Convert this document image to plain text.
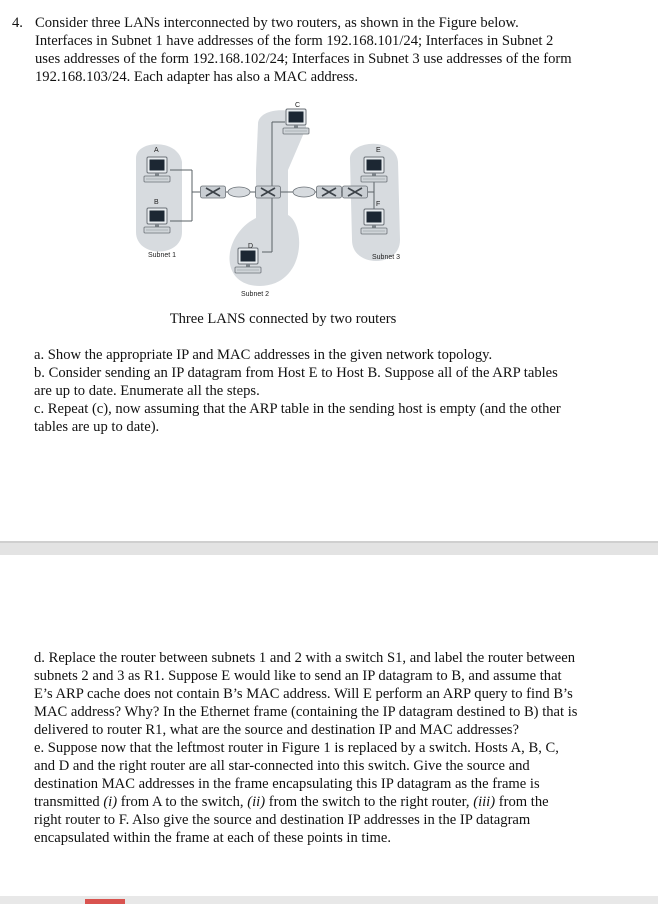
4. Consider three LANs interconnected by two routers, as shown in the Figure below. Interfaces in Subnet 1 have addresses of the form 192.168.101/24; Interfaces in Subnet 2 uses addresses of the form 192.168.102/24; Interfaces in Subnet 3 use addresses of the form 192.168.103/24. Each adapter has also a MAC address.
A
B
C
D
E
F
Subnet 1
Subnet 2
Subnet 3
Three LANS connected by two routers

a. Show the appropriate IP and MAC addresses in the given network topology.

b. Consider sending an IP datagram from Host E to Host B. Suppose all of the ARP tables are up to date. Enumerate all the steps.

c. Repeat (c), now assuming that the ARP table in the sending host is empty (and the other tables are up to date).

d. Replace the router between subnets 1 and 2 with a switch S1, and label the router between subnets 2 and 3 as R1. Suppose E would like to send an IP datagram to B, and assume that E’s ARP cache does not contain B’s MAC address. Will E perform an ARP query to find B’s MAC address? Why? In the Ethernet frame (containing the IP datagram destined to B) that is delivered to router R1, what are the source and destination IP and MAC addresses?

e. Suppose now that the leftmost router in Figure 1 is replaced by a switch. Hosts A, B, C, and D and the right router are all star-connected into this switch. Give the source and destination MAC addresses in the frame encapsulating this IP datagram as the frame is transmitted (i) from A to the switch, (ii) from the switch to the right router, (iii) from the right router to F. Also give the source and destination IP addresses in the IP datagram encapsulated within the frame at each of these points in time.
